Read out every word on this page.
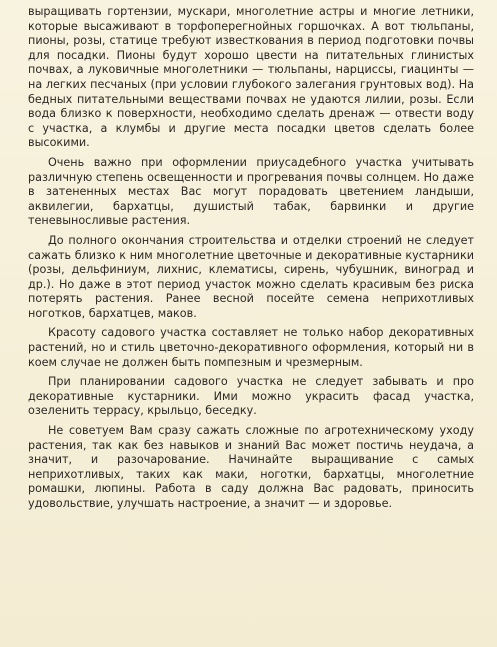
выращивать гортензии, мускари, многолетние астры и многие летники, которые высаживают в торфоперегнойных горшочках. А вот тюльпаны, пионы, розы, статице требуют известкования в период подготовки почвы для посадки. Пионы будут хорошо цвести на питательных глинистых почвах, а луковичные многолетники — тюльпаны, нарциссы, гиацинты — на легких песчаных (при условии глубокого залегания грунтовых вод). На бедных питательными веществами почвах не удаются лилии, розы. Если вода близко к поверхности, необходимо сделать дренаж — отвести воду с участка, а клумбы и другие места посадки цветов сделать более высокими.

Очень важно при оформлении приусадебного участка учитывать различную степень освещенности и прогревания почвы солнцем. Но даже в затененных местах Вас могут порадовать цветением ландыши, аквилегии, бархатцы, душистый табак, барвинки и другие теневыносливые растения.

До полного окончания строительства и отделки строений не следует сажать близко к ним многолетние цветочные и декоративные кустарники (розы, дельфиниум, лихнис, клематисы, сирень, чубушник, виноград и др.). Но даже в этот период участок можно сделать красивым без риска потерять растения. Ранее весной посейте семена неприхотливых ноготков, бархатцев, маков.

Красоту садового участка составляет не только набор декоративных растений, но и стиль цветочно-декоративного оформления, который ни в коем случае не должен быть помпезным и чрезмерным.

При планировании садового участка не следует забывать и про декоративные кустарники. Ими можно украсить фасад участка, озеленить террасу, крыльцо, беседку.

Не советуем Вам сразу сажать сложные по агротехническому уходу растения, так как без навыков и знаний Вас может постичь неудача, а значит, и разочарование. Начинайте выращивание с самых неприхотливых, таких как маки, ноготки, бархатцы, многолетние ромашки, люпины. Работа в саду должна Вас радовать, приносить удовольствие, улучшать настроение, а значит — и здоровье.
